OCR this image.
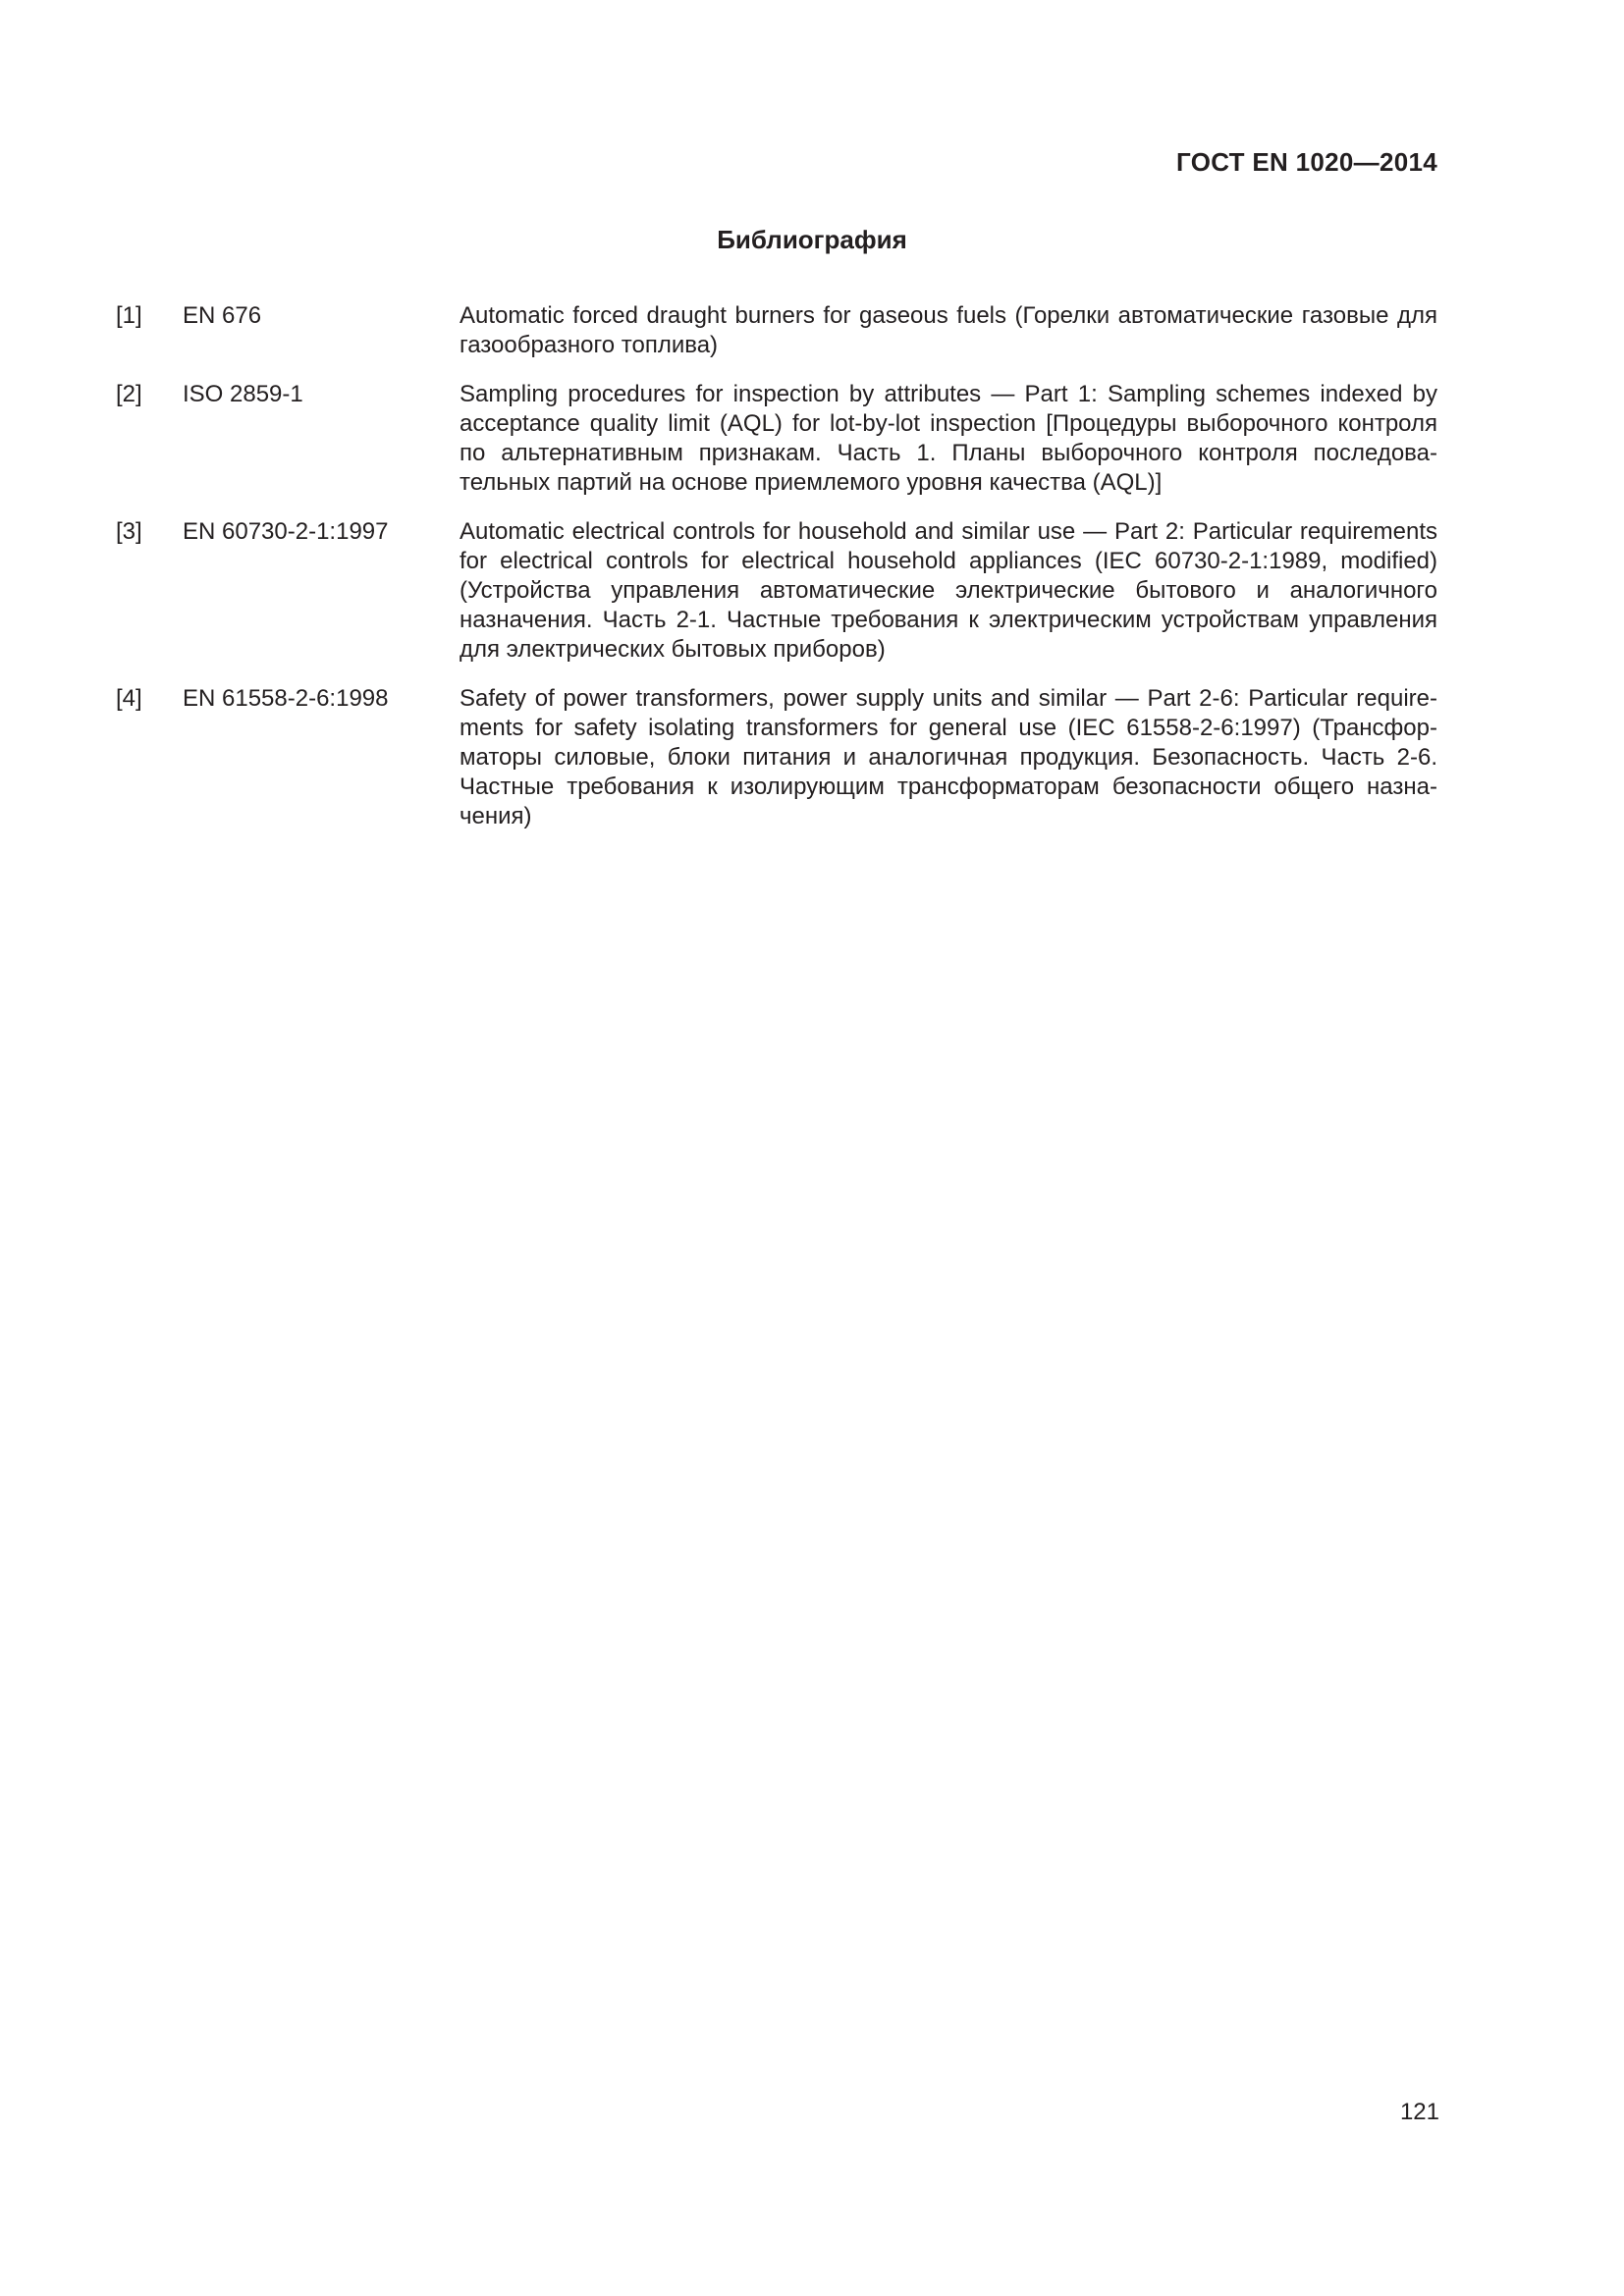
ГОСТ EN 1020—2014
Библиография
[1]	EN 676	Automatic forced draught burners for gaseous fuels (Горелки автоматические газовые для газообразного топлива)
[2]	ISO 2859-1	Sampling procedures for inspection by attributes — Part 1: Sampling schemes indexed by acceptance quality limit (AQL) for lot-by-lot inspection [Процедуры выборочного контроля по альтернативным признакам. Часть 1. Планы выборочного контроля последовательных партий на основе приемлемого уровня качества (AQL)]
[3]	EN 60730-2-1:1997	Automatic electrical controls for household and similar use — Part 2: Particular requirements for electrical controls for electrical household appliances (IEC 60730-2-1:1989, modified) (Устройства управления автоматические электрические бытового и аналогичного назначения. Часть 2-1. Частные требования к электрическим устройствам управления для электрических бытовых приборов)
[4]	EN 61558-2-6:1998	Safety of power transformers, power supply units and similar — Part 2-6: Particular requirements for safety isolating transformers for general use (IEC 61558-2-6:1997) (Трансформаторы силовые, блоки питания и аналогичная продукция. Безопасность. Часть 2-6. Частные требования к изолирующим трансформаторам безопасности общего назначения)
121
